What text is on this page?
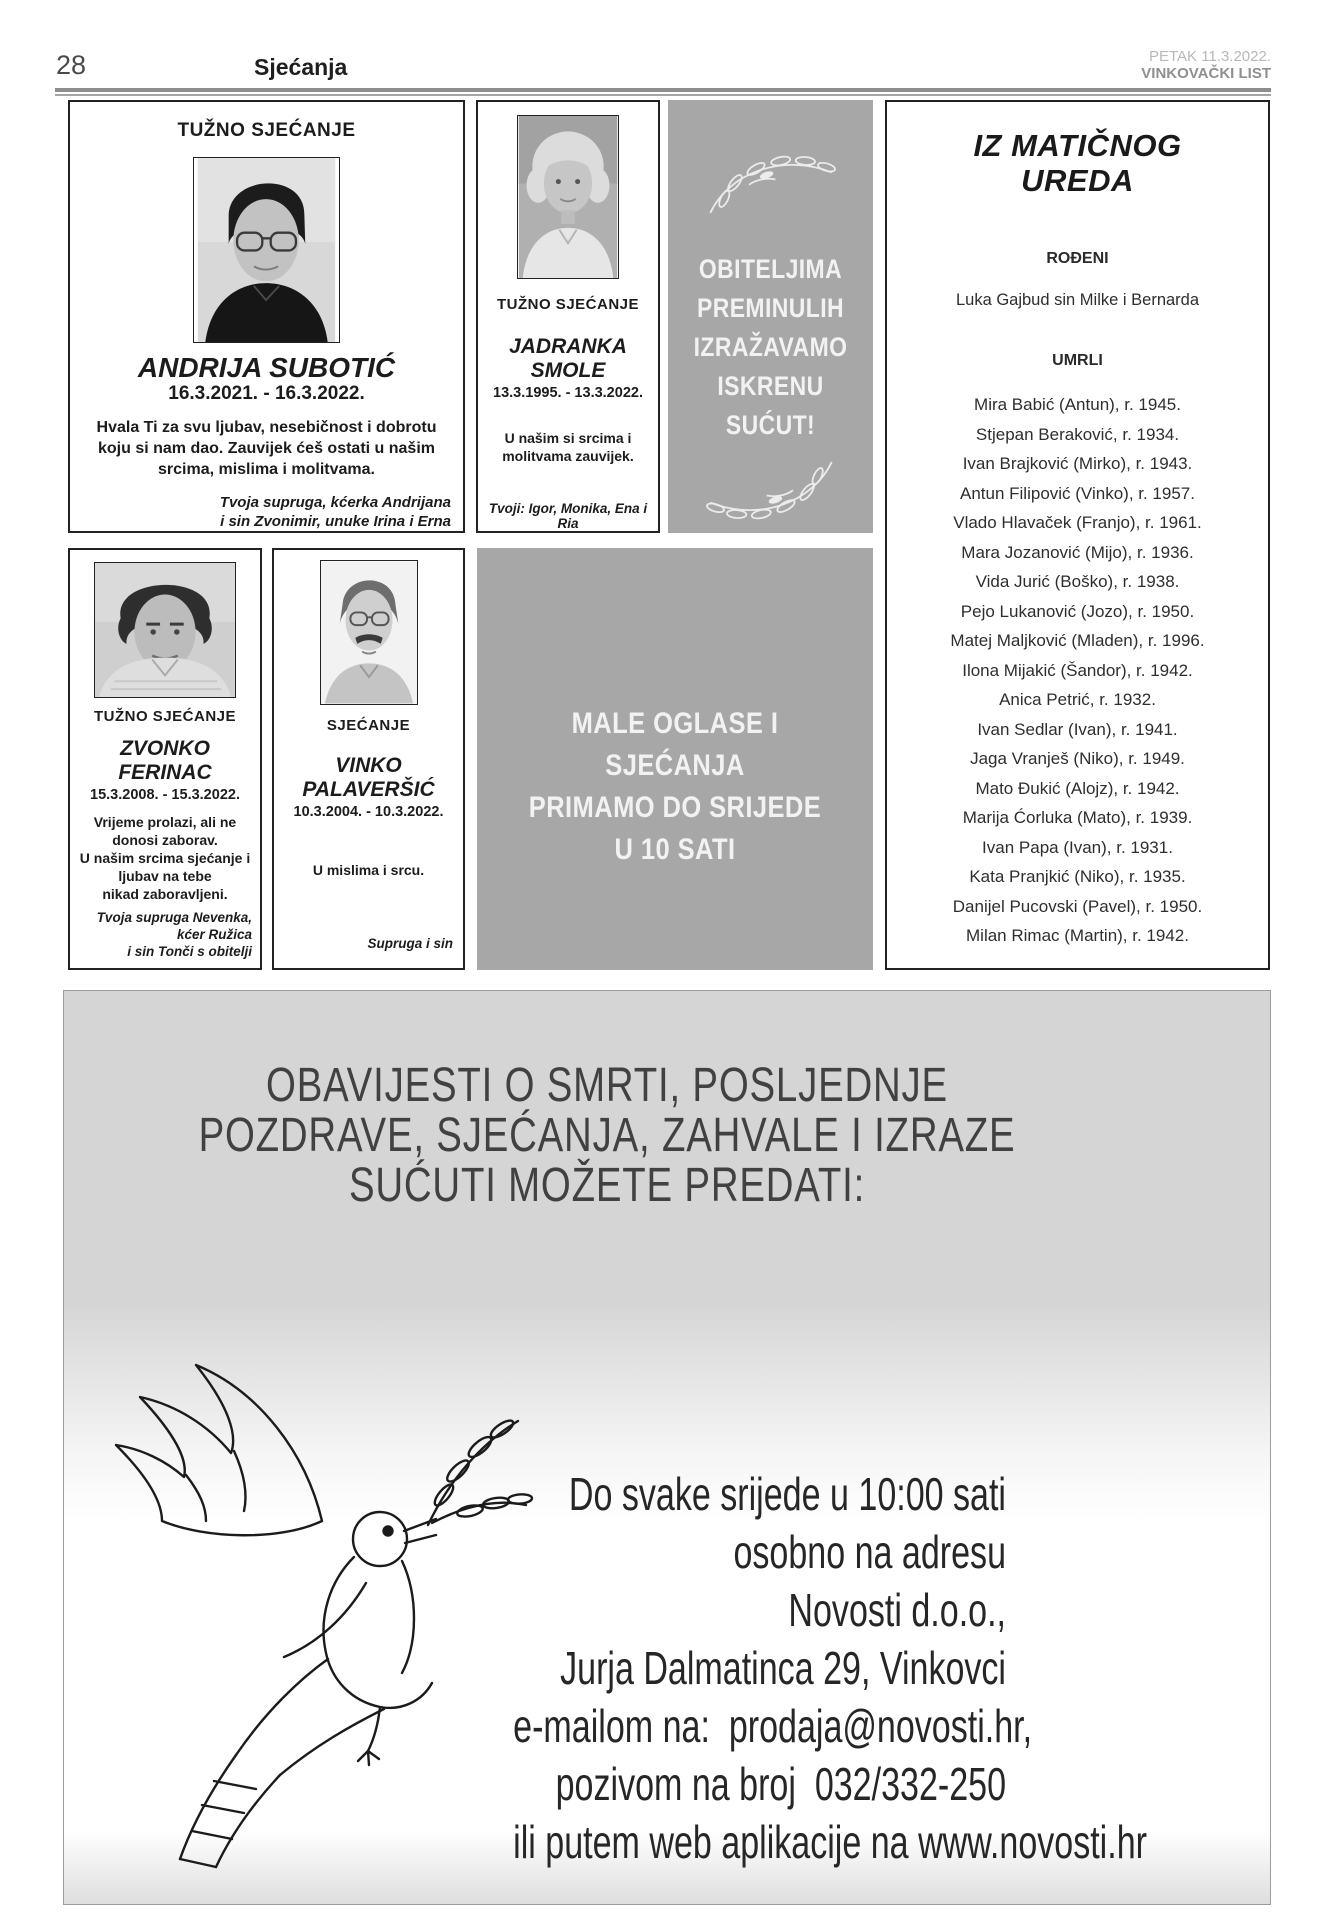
28	Sjećanja	PETAK 11.3.2022.
VINKOVAČKI LIST
TUŽNO SJEĆANJE
ANDRIJA SUBOTIĆ
16.3.2021. - 16.3.2022.
Hvala Ti za svu ljubav, nesebičnost i dobrotu
koju si nam dao. Zauvijek ćeš ostati u našim
srcima, mislima i molitvama.
Tvoja supruga, kćerka Andrijana
i sin Zvonimir, unuke Irina i Erna
TUŽNO SJEĆANJE
JADRANKA
SMOLE
13.3.1995. - 13.3.2022.
U našim si srcima i
molitvama zauvijek.
Tvoji: Igor, Monika, Ena i Ria
OBITELJIMA
PREMINULIH
IZRAŽAVAMO
ISKRENU
SUĆUT!
IZ MATIČNOG
UREDA
ROĐENI
Luka Gajbud sin Milke i Bernarda
UMRLI
Mira Babić (Antun), r. 1945.
Stjepan Beraković, r. 1934.
Ivan Brajković (Mirko), r. 1943.
Antun Filipović (Vinko), r. 1957.
Vlado Hlavaček (Franjo), r. 1961.
Mara Jozanović (Mijo), r. 1936.
Vida Jurić (Boško), r. 1938.
Pejo Lukanović (Jozo), r. 1950.
Matej Maljković (Mladen), r. 1996.
Ilona Mijakić (Šandor), r. 1942.
Anica Petrić, r. 1932.
Ivan Sedlar (Ivan), r. 1941.
Jaga Vranješ (Niko), r. 1949.
Mato Đukić (Alojz), r. 1942.
Marija Ćorluka (Mato), r. 1939.
Ivan Papa (Ivan), r. 1931.
Kata Pranjkić (Niko), r. 1935.
Danijel Pucovski (Pavel), r. 1950.
Milan Rimac (Martin), r. 1942.
TUŽNO SJEĆANJE
ZVONKO
FERINAC
15.3.2008. - 15.3.2022.
Vrijeme prolazi, ali ne
donosi zaborav.
U našim srcima sjećanje i
ljubav na tebe
nikad zaboravljeni.
Tvoja supruga Nevenka,
kćer Ružica
i sin Tonči s obitelji
SJEĆANJE
VINKO
PALAVERŠIĆ
10.3.2004. - 10.3.2022.
U mislima i srcu.
Supruga i sin
MALE OGLASE I SJEĆANJA
PRIMAMO DO SRIJEDE
U 10 SATI
OBAVIJESTI O SMRTI, POSLJEDNJE
POZDRAVE, SJEĆANJA, ZAHVALE I IZRAZE
SUĆUTI MOŽETE PREDATI:
Do svake srijede u 10:00 sati
osobno na adresu
Novosti d.o.o.,
Jurja Dalmatinca 29, Vinkovci
e-mailom na:  prodaja@novosti.hr,
pozivom na broj  032/332-250
ili putem web aplikacije na www.novosti.hr
